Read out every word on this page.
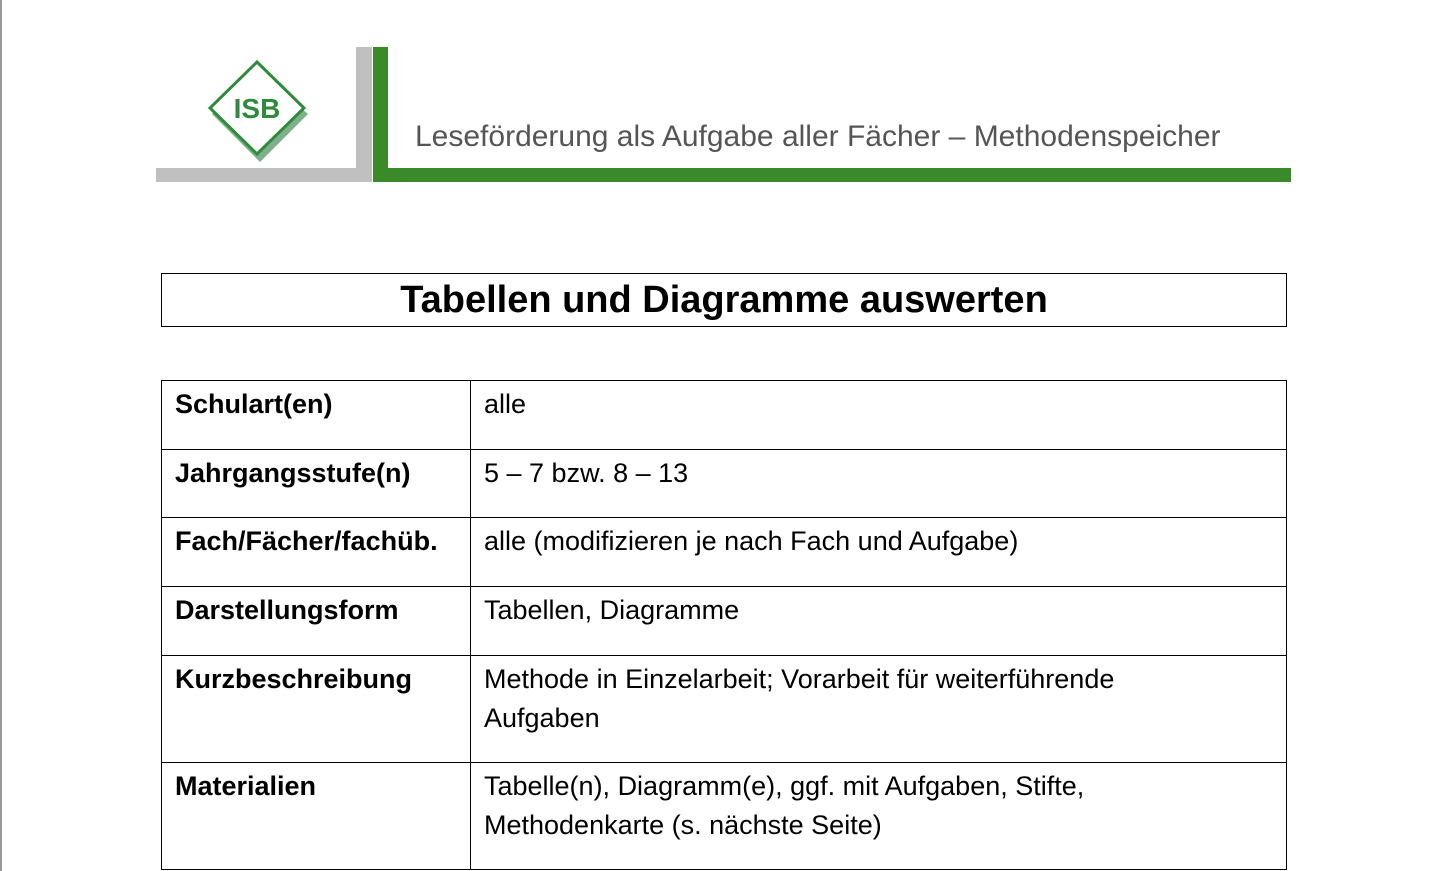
ISB
Leseförderung als Aufgabe aller Fächer – Methodenspeicher
Tabellen und Diagramme auswerten
Schulart(en)	alle

Jahrgangsstufe(n)	5 – 7 bzw. 8 – 13

Fach/Fächer/fachüb.	alle (modifizieren je nach Fach und Aufgabe)

Darstellungsform	Tabellen, Diagramme

Kurzbeschreibung	Methode in Einzelarbeit; Vorarbeit für weiterführende
Aufgaben

Materialien	Tabelle(n), Diagramm(e), ggf. mit Aufgaben, Stifte,
Methodenkarte (s. nächste Seite)
